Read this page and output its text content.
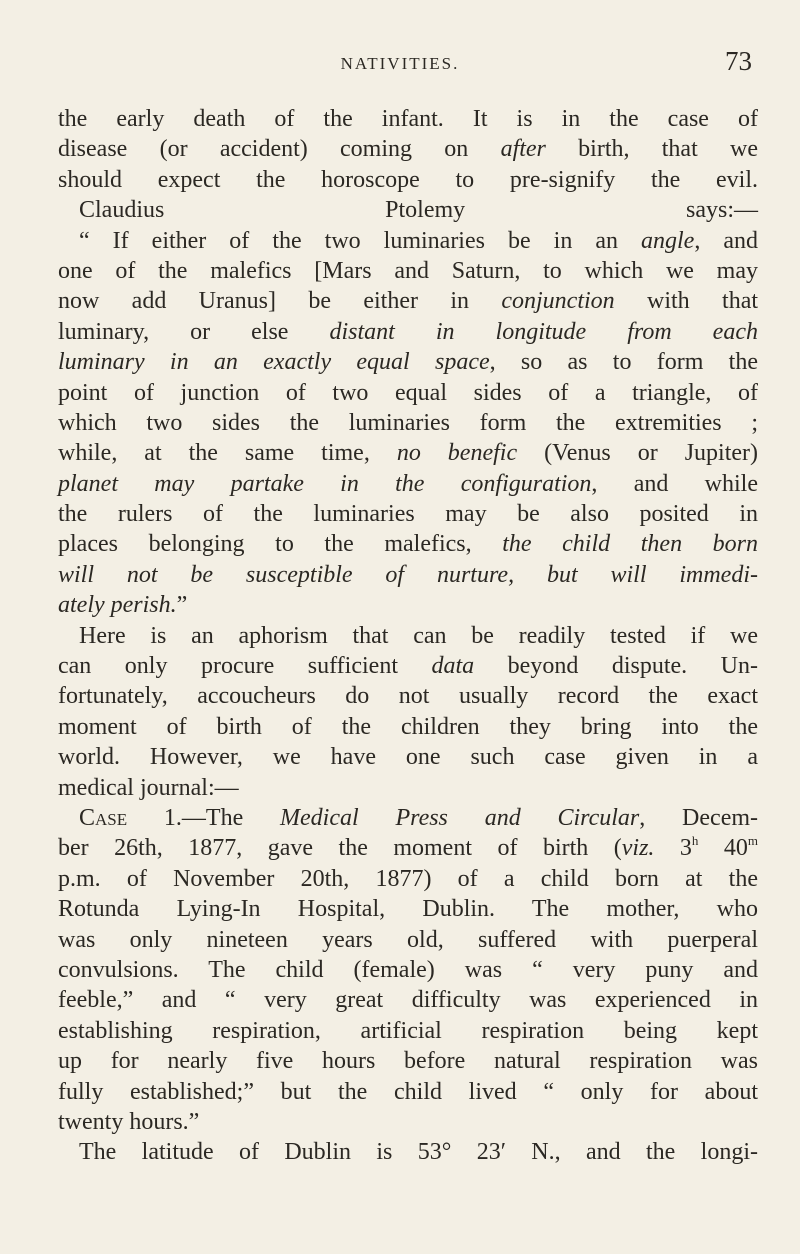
NATIVITIES.	73
the early death of the infant. It is in the case of
disease (or accident) coming on after birth, that we
should expect the horoscope to pre-signify the evil.
Claudius Ptolemy says:—
“ If either of the two luminaries be in an angle, and
one of the malefics [Mars and Saturn, to which we may
now add Uranus] be either in conjunction with that
luminary, or else distant in longitude from each
luminary in an exactly equal space, so as to form the
point of junction of two equal sides of a triangle, of
which two sides the luminaries form the extremities ;
while, at the same time, no benefic (Venus or Jupiter)
planet may partake in the configuration, and while
the rulers of the luminaries may be also posited in
places belonging to the malefics, the child then born
will not be susceptible of nurture, but will immedi-
ately perish.”
Here is an aphorism that can be readily tested if we
can only procure sufficient data beyond dispute. Un-
fortunately, accoucheurs do not usually record the exact
moment of birth of the children they bring into the
world. However, we have one such case given in a
medical journal:—
Case 1.—The Medical Press and Circular, Decem-
ber 26th, 1877, gave the moment of birth (viz. 3$^h$ 40$^m$
p.m. of November 20th, 1877) of a child born at the
Rotunda Lying-In Hospital, Dublin. The mother, who
was only nineteen years old, suffered with puerperal
convulsions. The child (female) was “ very puny and
feeble,” and “ very great difficulty was experienced in
establishing respiration, artificial respiration being kept
up for nearly five hours before natural respiration was
fully established;” but the child lived “ only for about
twenty hours.”
The latitude of Dublin is 53° 23′ N., and the longi-
